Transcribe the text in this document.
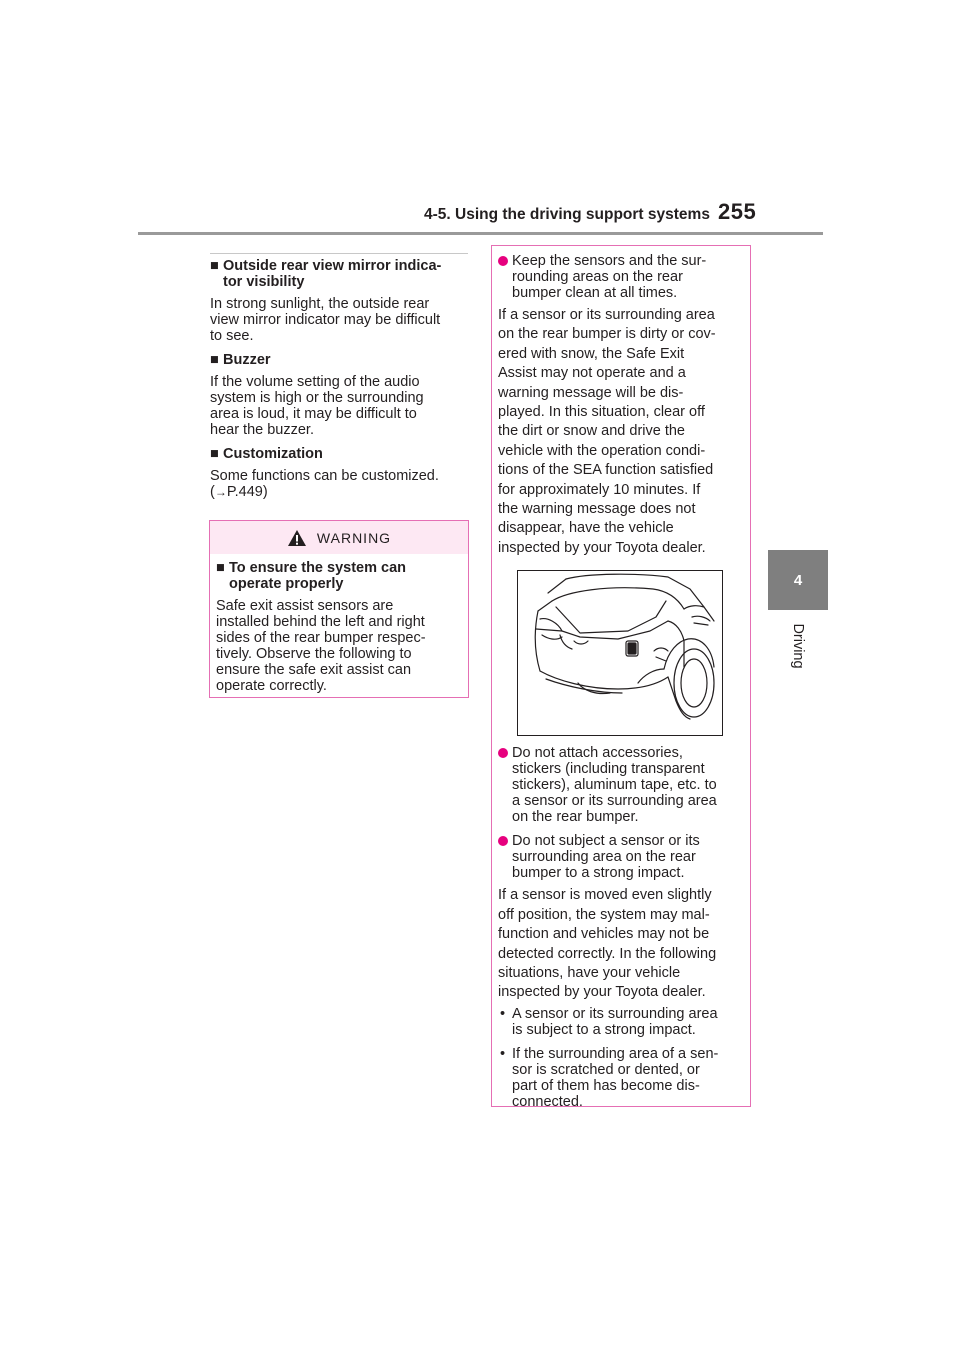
4-5. Using the driving support systems 255
4
Driving
■ Outside rear view mirror indica-
tor visibility

In strong sunlight, the outside rear
view mirror indicator may be difficult
to see.

■ Buzzer

If the volume setting of the audio
system is high or the surrounding
area is loud, it may be difficult to
hear the buzzer.

■ Customization

Some functions can be customized.

(→P.449)

WARNING
■ To ensure the system can
operate properly

Safe exit assist sensors are
installed behind the left and right
sides of the rear bumper respec-
tively. Observe the following to
ensure the safe exit assist can
operate correctly.

Keep the sensors and the sur-
rounding areas on the rear
bumper clean at all times.

If a sensor or its surrounding area
on the rear bumper is dirty or cov-
ered with snow, the Safe Exit
Assist may not operate and a
warning message will be dis-
played. In this situation, clear off
the dirt or snow and drive the
vehicle with the operation condi-
tions of the SEA function satisfied
for approximately 10 minutes. If
the warning message does not
disappear, have the vehicle
inspected by your Toyota dealer.

Do not attach accessories,
stickers (including transparent
stickers), aluminum tape, etc. to
a sensor or its surrounding area
on the rear bumper.
Do not subject a sensor or its
surrounding area on the rear
bumper to a strong impact.

If a sensor is moved even slightly
off position, the system may mal-
function and vehicles may not be
detected correctly. In the following
situations, have your vehicle
inspected by your Toyota dealer.

• A sensor or its surrounding area
is subject to a strong impact.
• If the surrounding area of a sen-
sor is scratched or dented, or
part of them has become dis-
connected.
